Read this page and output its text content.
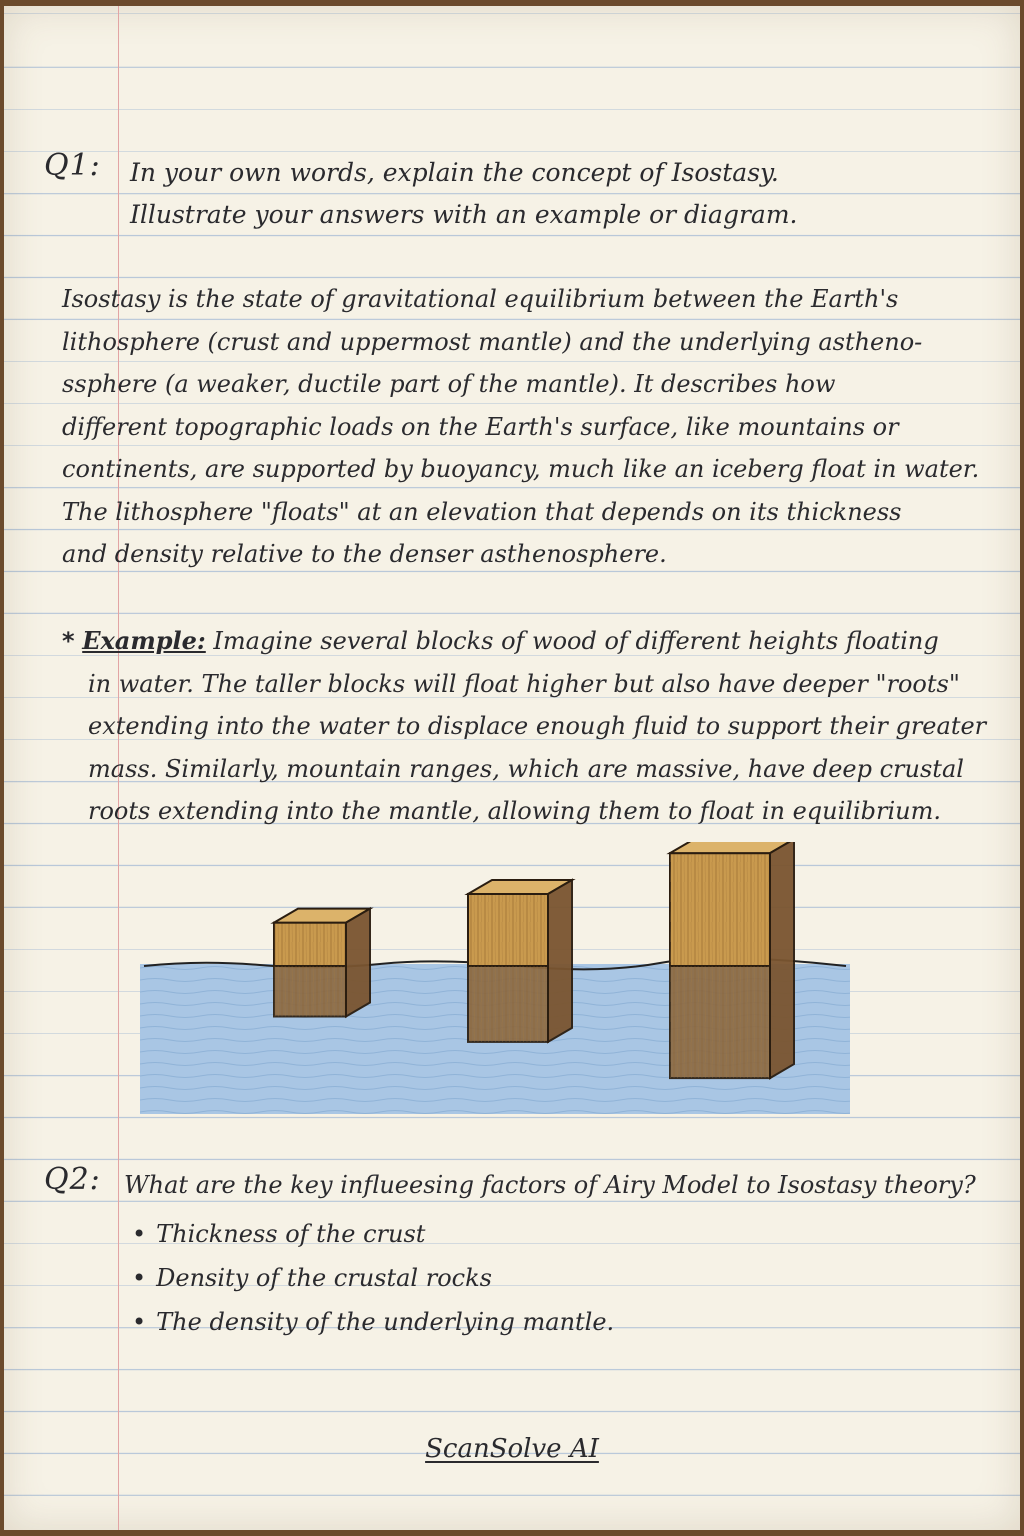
Q1: In your own words, explain the concept of Isostasy.
Illustrate your answers with an example or diagram.

Isostasy is the state of gravitational equilibrium between the Earth's

lithosphere (crust and uppermost mantle) and the underlying astheno-

ssphere (a weaker, ductile part of the mantle). It describes how

different topographic loads on the Earth's surface, like mountains or

continents, are supported by buoyancy, much like an iceberg float in water.

The lithosphere "floats" at an elevation that depends on its thickness

and density relative to the denser asthenosphere.

* Example: Imagine several blocks of wood of different heights floating

in water. The taller blocks will float higher but also have deeper "roots"

extending into the water to displace enough fluid to support their greater

mass. Similarly, mountain ranges, which are massive, have deep crustal

roots extending into the mantle, allowing them to float in equilibrium.

Q2: What are the key influeesing factors of Airy Model to Isostasy theory?
• Thickness of the crust
• Density of the crustal rocks
• The density of the underlying mantle.
ScanSolve AI
